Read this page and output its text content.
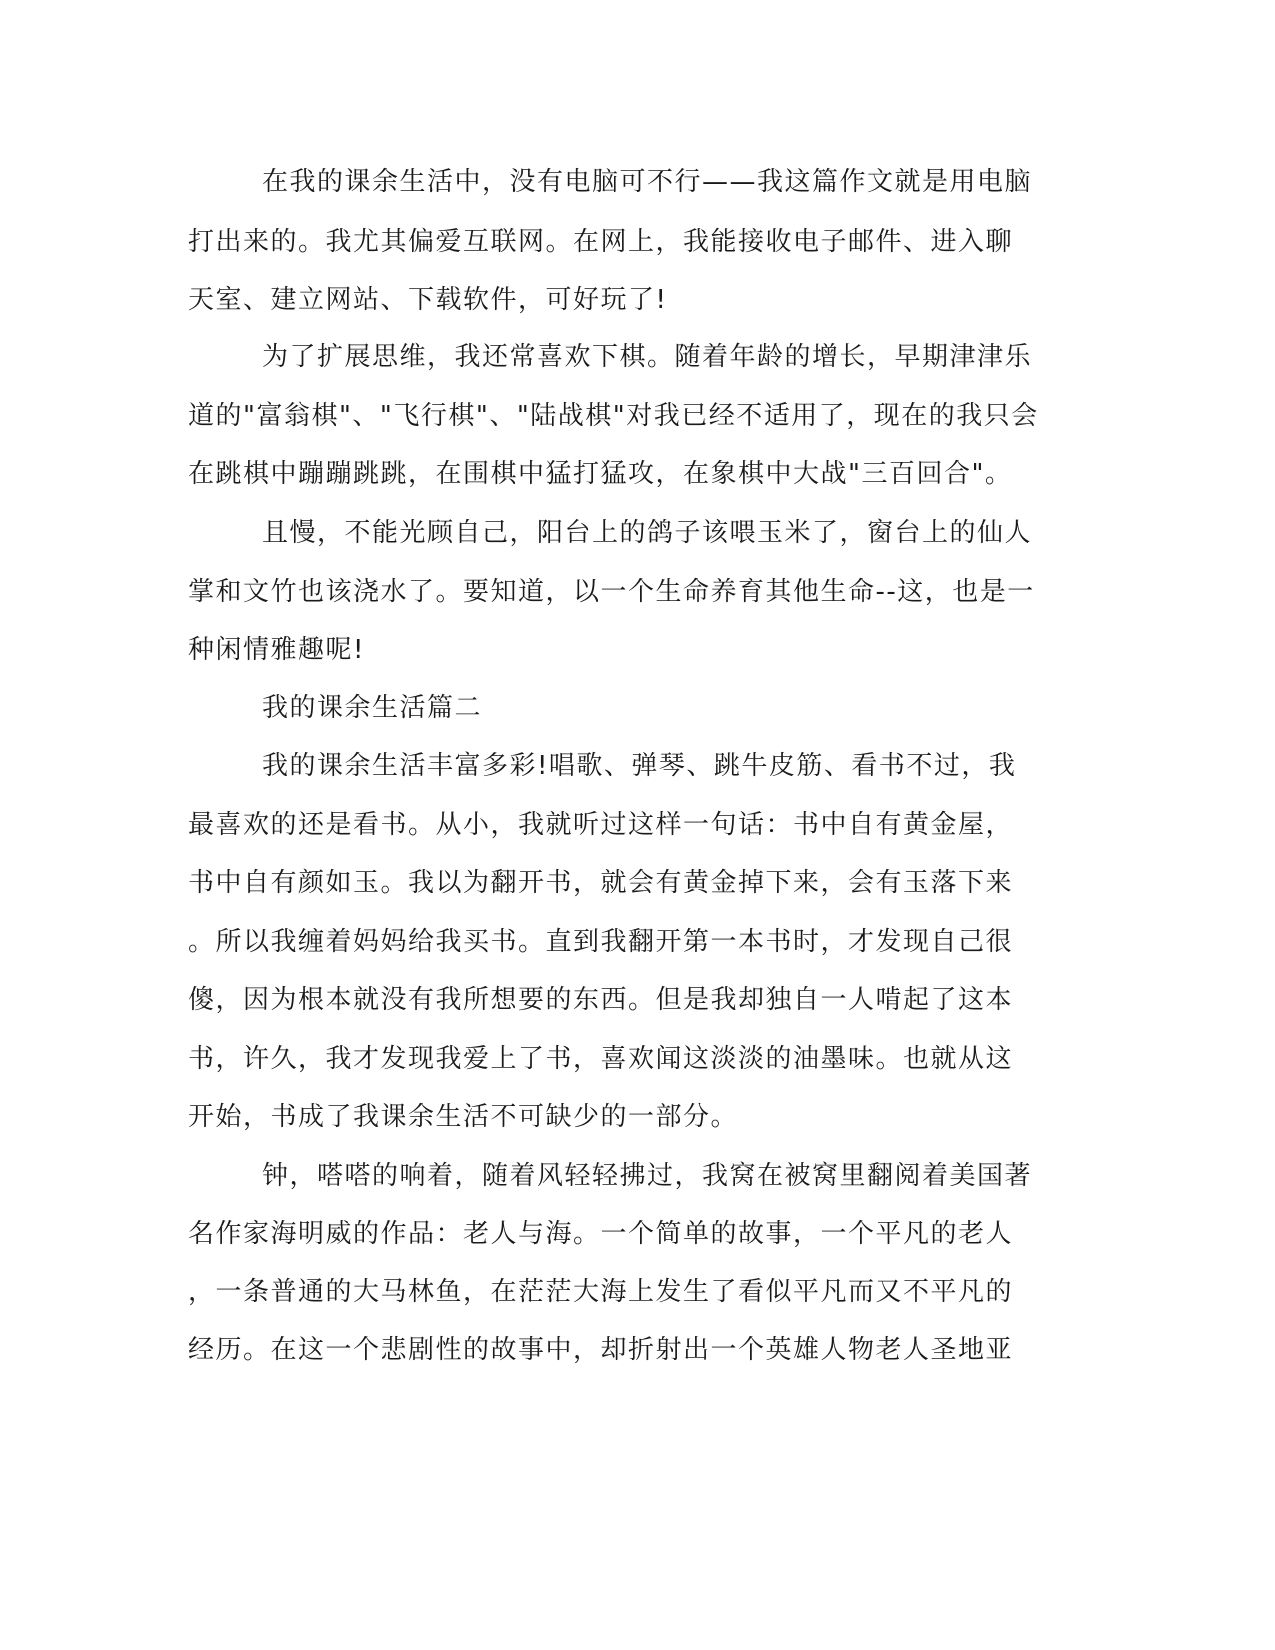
在我的课余生活中，没有电脑可不行——我这篇作文就是用电脑
打出来的。我尤其偏爱互联网。在网上，我能接收电子邮件、进入聊
天室、建立网站、下载软件，可好玩了!
为了扩展思维，我还常喜欢下棋。随着年龄的增长，早期津津乐
道的"富翁棋"、"飞行棋"、"陆战棋"对我已经不适用了，现在的我只会
在跳棋中蹦蹦跳跳，在围棋中猛打猛攻，在象棋中大战"三百回合"。
且慢，不能光顾自己，阳台上的鸽子该喂玉米了，窗台上的仙人
掌和文竹也该浇水了。要知道，以一个生命养育其他生命--这，也是一
种闲情雅趣呢!
我的课余生活篇二
我的课余生活丰富多彩!唱歌、弹琴、跳牛皮筋、看书不过，我
最喜欢的还是看书。从小，我就听过这样一句话：书中自有黄金屋，
书中自有颜如玉。我以为翻开书，就会有黄金掉下来，会有玉落下来
。所以我缠着妈妈给我买书。直到我翻开第一本书时，才发现自己很
傻，因为根本就没有我所想要的东西。但是我却独自一人啃起了这本
书，许久，我才发现我爱上了书，喜欢闻这淡淡的油墨味。也就从这
开始，书成了我课余生活不可缺少的一部分。
钟，嗒嗒的响着，随着风轻轻拂过，我窝在被窝里翻阅着美国著
名作家海明威的作品：老人与海。一个简单的故事，一个平凡的老人
，一条普通的大马林鱼，在茫茫大海上发生了看似平凡而又不平凡的
经历。在这一个悲剧性的故事中，却折射出一个英雄人物老人圣地亚
